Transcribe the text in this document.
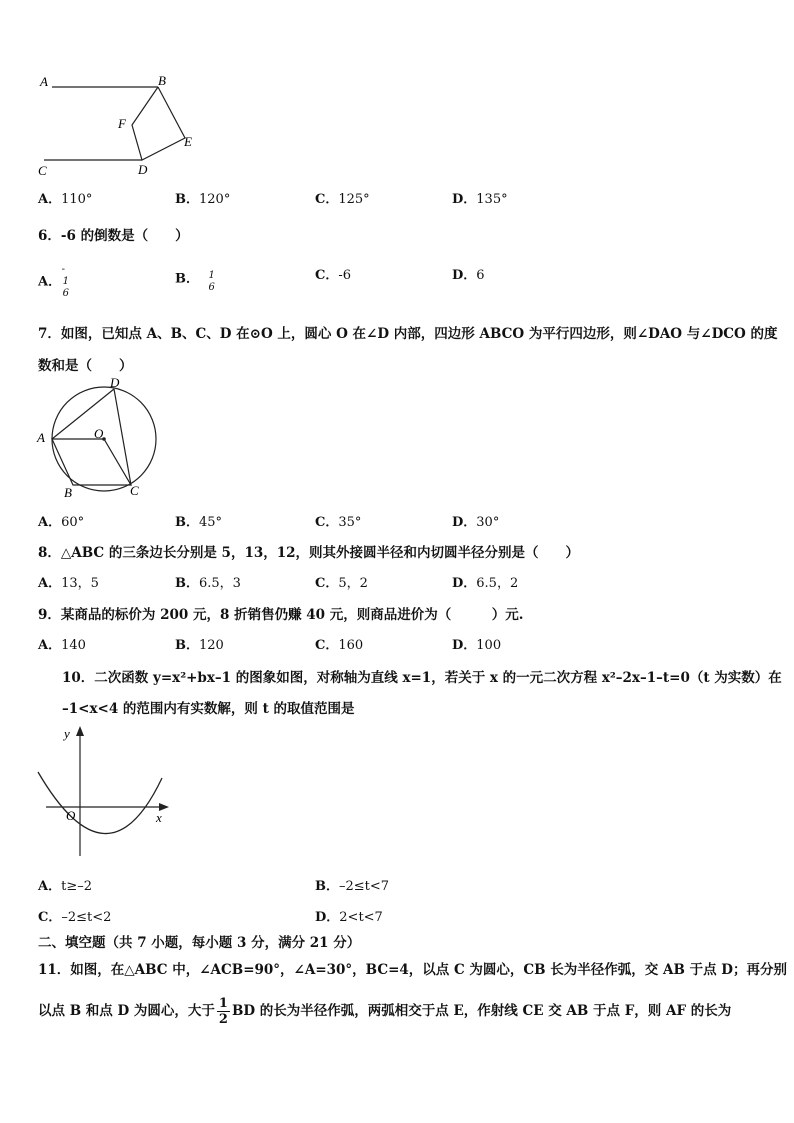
A	B
F
E
C	D
A．110°	B．120°	C．125°	D．135°
6．-6 的倒数是（　　）
A．
-
1
6
B． 1
6
C．-6	D．6
7．如图，已知点 A、B、C、D 在⊙O 上，圆心 O 在∠D 内部，四边形 ABCO 为平行四边形，则∠DAO 与∠DCO 的度
数和是（　　）
D
A	O
B	C
A．60°	B．45°	C．35°	D．30°
8．△ABC 的三条边长分别是 5，13，12，则其外接圆半径和内切圆半径分别是（　　）
A．13，5	B．6.5，3	C．5，2	D．6.5，2
9．某商品的标价为 200 元，8 折销售仍赚 40 元，则商品进价为（　　　）元.
A．140	B．120	C．160	D．100
10．二次函数 y=x²+bx–1 的图象如图，对称轴为直线 x=1，若关于 x 的一元二次方程 x²–2x–1–t=0（t 为实数）在
–1<x<4 的范围内有实数解，则 t 的取值范围是
y
x
O
A．t≥–2	B．–2≤t<7
C．–2≤t<2	D．2<t<7
二、填空题（共 7 小题，每小题 3 分，满分 21 分）
11．如图，在△ABC 中，∠ACB=90°，∠A=30°，BC=4，以点 C 为圆心，CB 长为半径作弧，交 AB 于点 D；再分别
以点 B 和点 D 为圆心，大于 $\frac{1}{2}$ BD 的长为半径作弧，两弧相交于点 E，作射线 CE 交 AB 于点 F，则 AF 的长为
